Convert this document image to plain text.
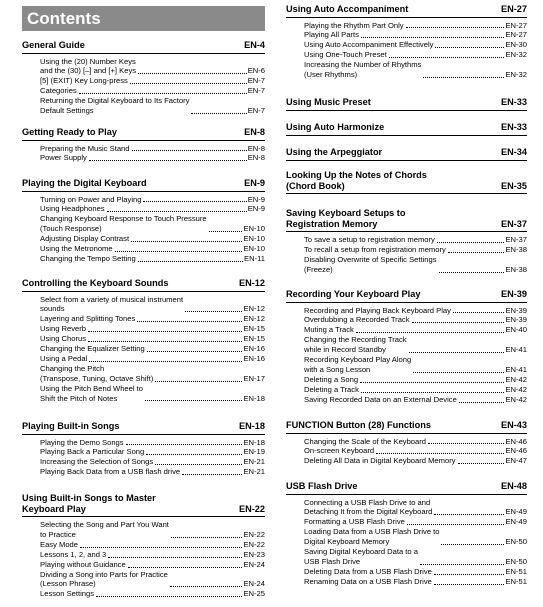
Contents
General Guide	EN-4
Using the (20) Number Keys
and the (30) [–] and [+] Keys	EN-6
[5] (EXIT) Key Long-press	EN-7
Categories	EN-7
Returning the Digital Keyboard to Its Factory
Default Settings	EN-7
Getting Ready to Play	EN-8
Preparing the Music Stand	EN-8
Power Supply	EN-8
Playing the Digital Keyboard	EN-9
Turning on Power and Playing	EN-9
Using Headphones	EN-9
Changing Keyboard Response to Touch Pressure
(Touch Response)	EN-10
Adjusting Display Contrast	EN-10
Using the Metronome	EN-10
Changing the Tempo Setting	EN-11
Controlling the Keyboard Sounds	EN-12
Select from a variety of musical instrument
sounds	EN-12
Layering and Splitting Tones	EN-12
Using Reverb	EN-15
Using Chorus	EN-15
Changing the Equalizer Setting	EN-16
Using a Pedal	EN-16
Changing the Pitch
(Transpose, Tuning, Octave Shift)	EN-17
Using the Pitch Bend Wheel to
Shift the Pitch of Notes	EN-18
Playing Built-in Songs	EN-18
Playing the Demo Songs	EN-18
Playing Back a Particular Song	EN-19
Increasing the Selection of Songs	EN-21
Playing Back Data from a USB flash drive	EN-21
Using Built-in Songs to Master
Keyboard Play	EN-22
Selecting the Song and Part You Want
to Practice	EN-22
Easy Mode	EN-22
Lessons 1, 2, and 3	EN-23
Playing without Guidance	EN-24
Dividing a Song into Parts for Practice
(Lesson Phrase)	EN-24
Lesson Settings	EN-25
Using Auto Accompaniment	EN-27
Playing the Rhythm Part Only	EN-27
Playing All Parts	EN-27
Using Auto Accompaniment Effectively	EN-30
Using One-Touch Preset	EN-32
Increasing the Number of Rhythms
(User Rhythms)	EN-32
Using Music Preset	EN-33
Using Auto Harmonize	EN-33
Using the Arpeggiator	EN-34
Looking Up the Notes of Chords
(Chord Book)	EN-35
Saving Keyboard Setups to
Registration Memory	EN-37
To save a setup to registration memory	EN-37
To recall a setup from registration memory	EN-38
Disabling Overwrite of Specific Settings
(Freeze)	EN-38
Recording Your Keyboard Play	EN-39
Recording and Playing Back Keyboard Play	EN-39
Overdubbing a Recorded Track	EN-39
Muting a Track	EN-40
Changing the Recording Track
while in Record Standby	EN-41
Recording Keyboard Play Along
with a Song Lesson	EN-41
Deleting a Song	EN-42
Deleting a Track	EN-42
Saving Recorded Data on an External Device	EN-42
FUNCTION Button (28) Functions	EN-43
Changing the Scale of the Keyboard	EN-46
On-screen Keyboard	EN-46
Deleting All Data in Digital Keyboard Memory	EN-47
USB Flash Drive	EN-48
Connecting a USB Flash Drive to and
Detaching It from the Digital Keyboard	EN-49
Formatting a USB Flash Drive	EN-49
Loading Data from a USB Flash Drive to
Digital Keyboard Memory	EN-50
Saving Digital Keyboard Data to a
USB Flash Drive	EN-50
Deleting Data from a USB Flash Drive	EN-51
Renaming Data on a USB Flash Drive	EN-51
